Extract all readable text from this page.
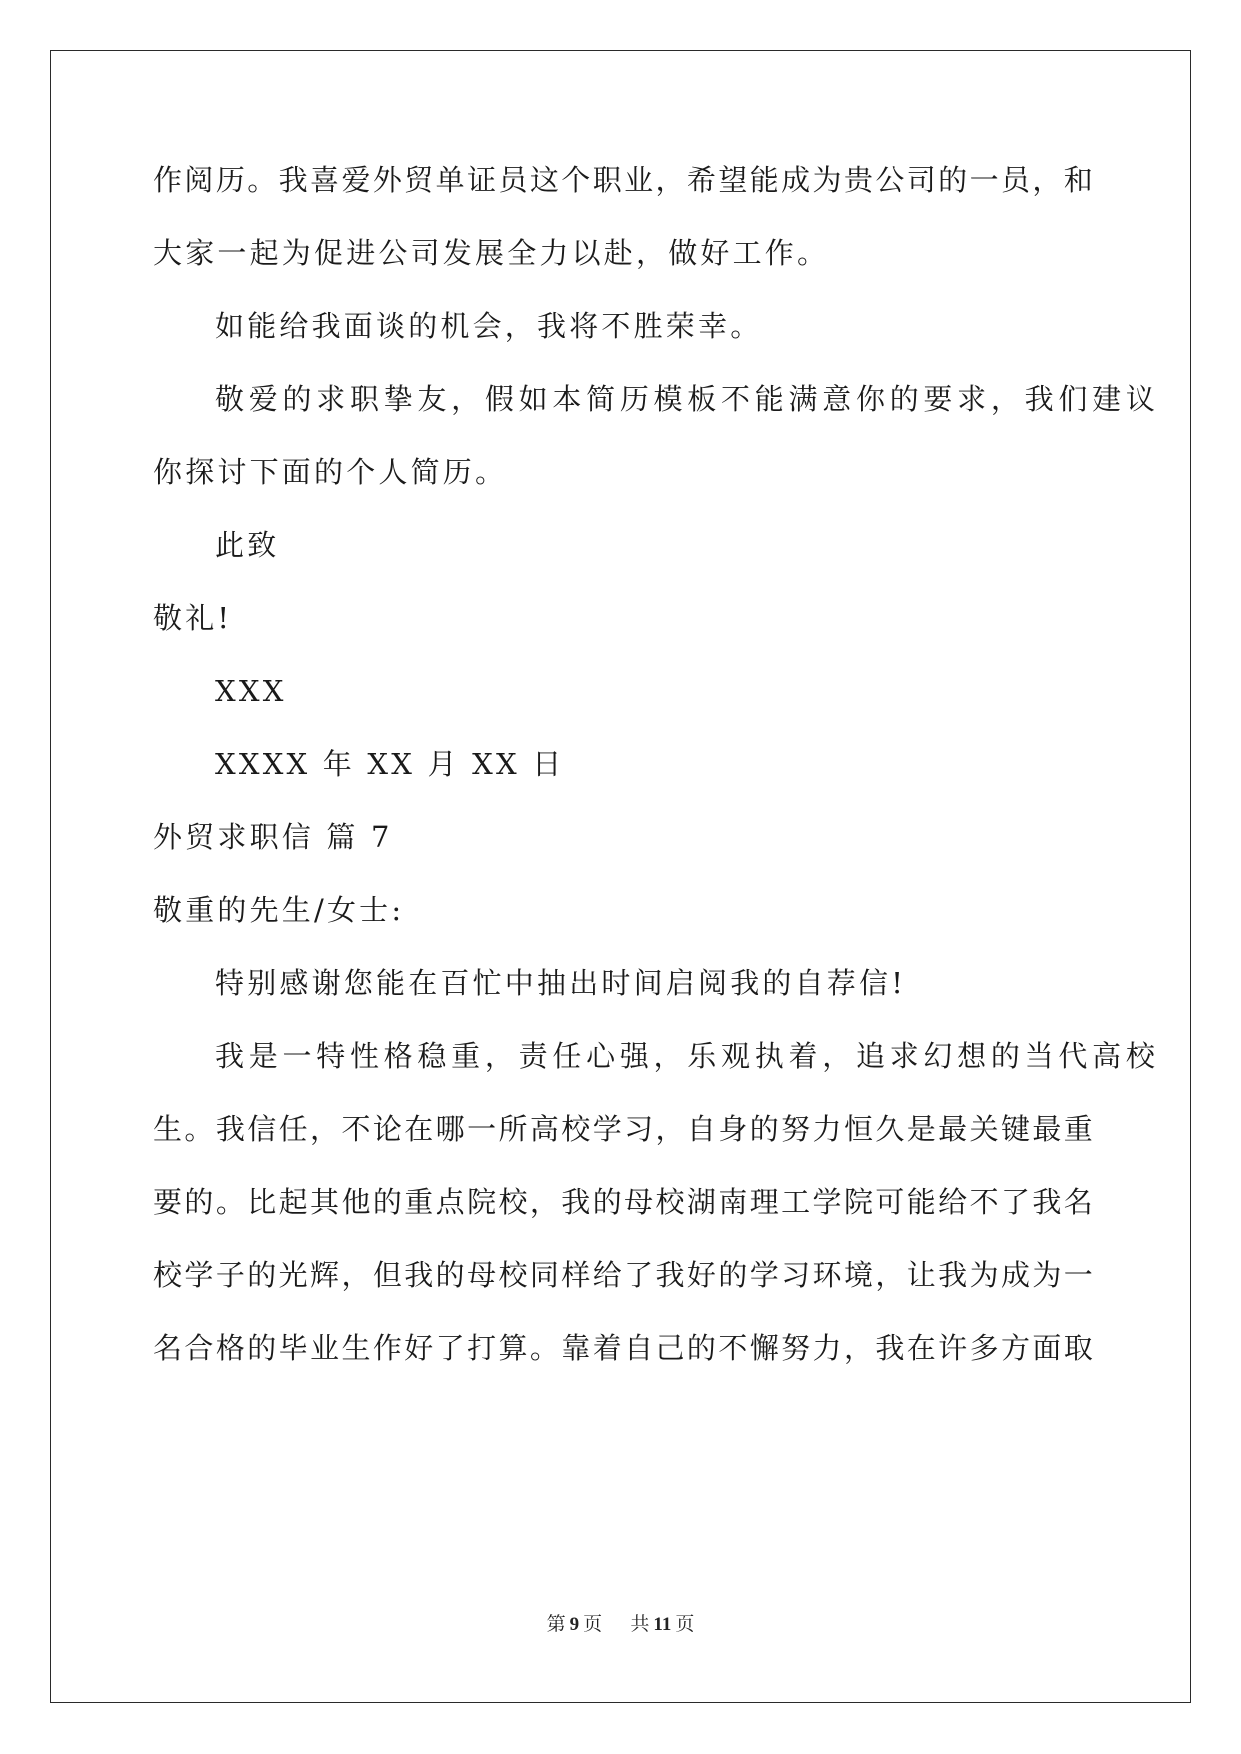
作 阅 历 。 我 喜 爱 外 贸 单 证 员 这 个 职 业 ， 希 望 能 成 为 贵 公 司 的 一 员 ， 和
大家一起为促进公司发展全力以赴，做好工作。
如能给我面谈的机会，我将不胜荣幸。
敬 爱 的 求 职 挚 友 ， 假 如 本 简 历 模 板 不 能 满 意 你 的 要 求 ， 我 们 建 议
你探讨下面的个人简历。
此致
敬礼!
XXX
XXXX 年 XX 月 XX 日
外贸求职信 篇 7
敬重的先生/女士:
特别感谢您能在百忙中抽出时间启阅我的自荐信!
我 是 一 特 性 格 稳 重 ， 责 任 心 强 ， 乐 观 执 着 ， 追 求 幻 想 的 当 代 高 校
生 。 我 信 任 ， 不 论 在 哪 一 所 高 校 学 习 ， 自 身 的 努 力 恒 久 是 最 关 键 最 重
要 的 。 比 起 其 他 的 重 点 院 校 ， 我 的 母 校 湖 南 理 工 学 院 可 能 给 不 了 我 名
校 学 子 的 光 辉 ， 但 我 的 母 校 同 样 给 了 我 好 的 学 习 环 境 ， 让 我 为 成 为 一
名 合 格 的 毕 业 生 作 好 了 打 算 。 靠 着 自 己 的 不 懈 努 力 ， 我 在 许 多 方 面 取
第 9 页 共 11 页
